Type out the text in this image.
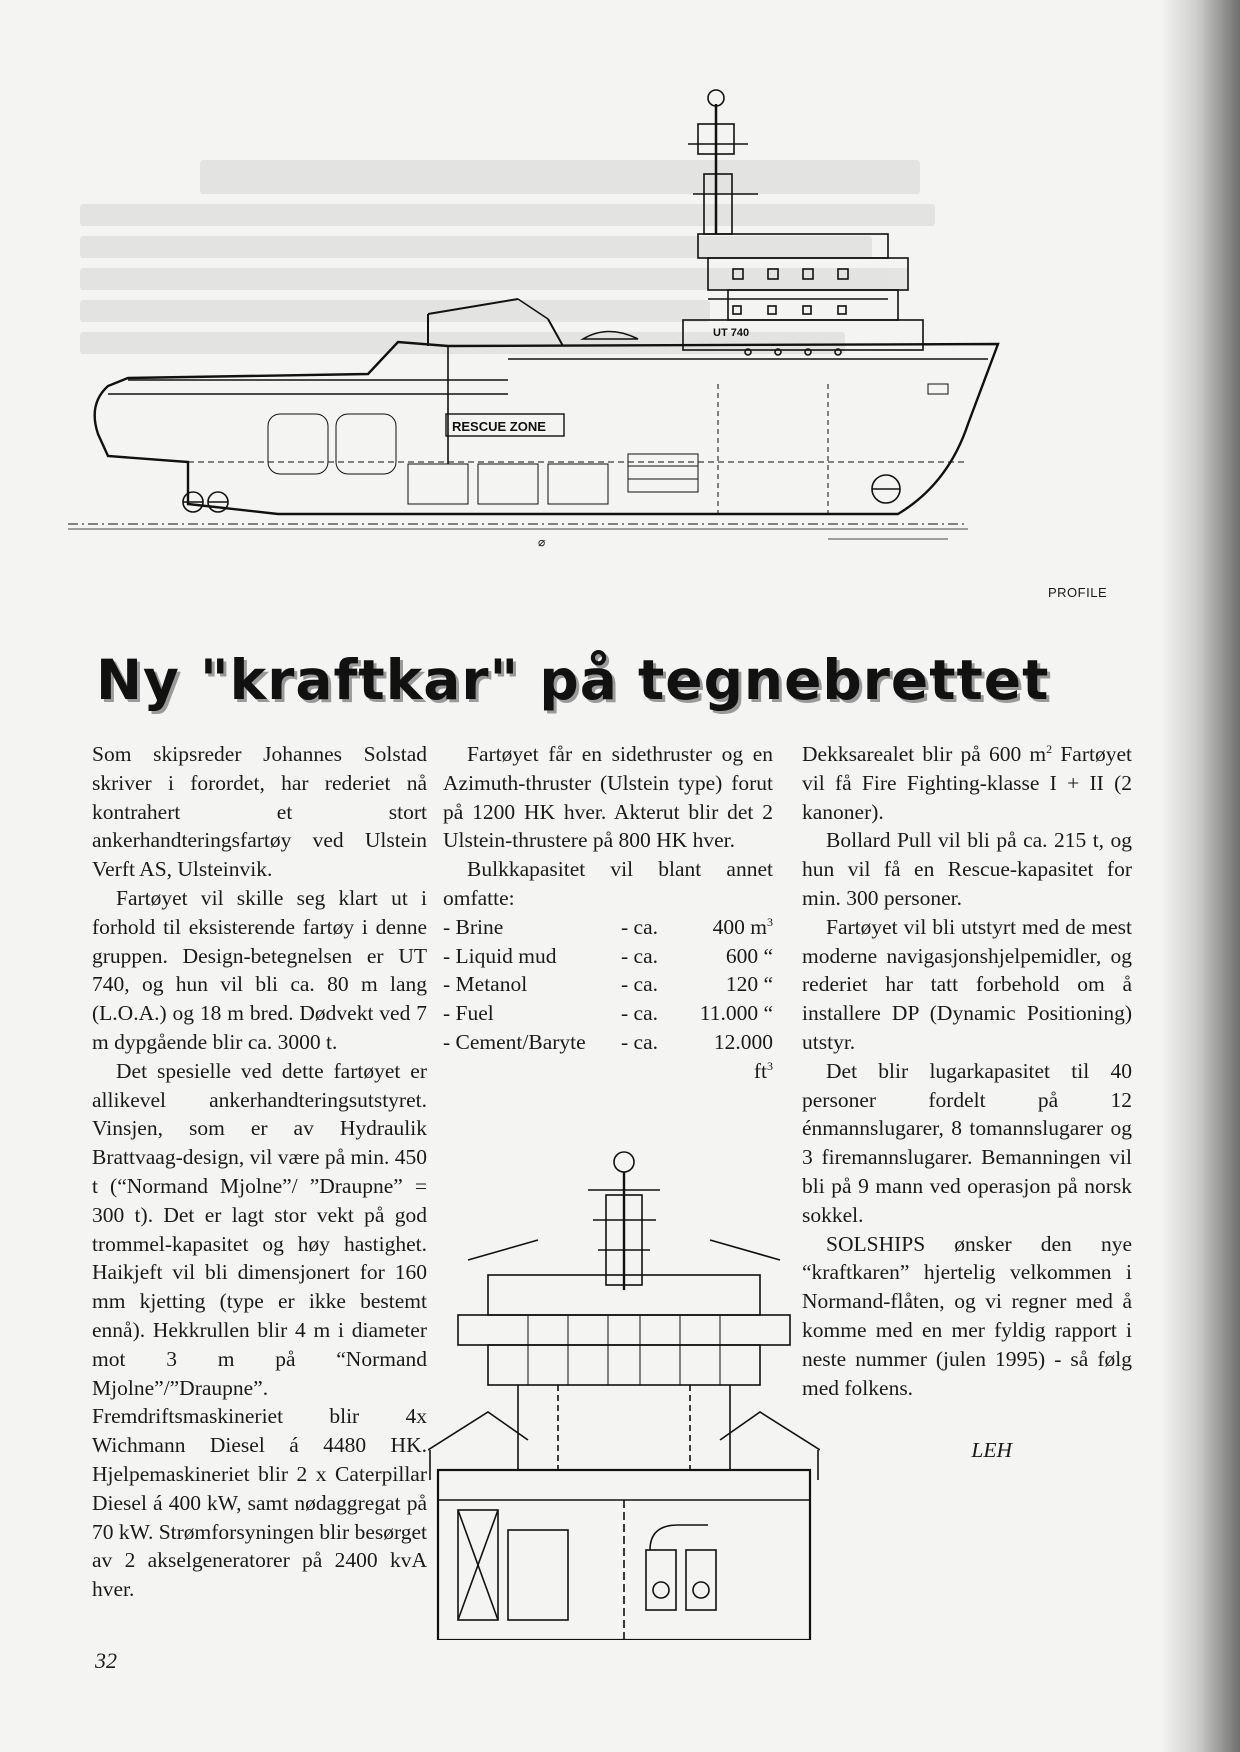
RESCUE ZONE
UT 740
⌀
PROFILE
Ny "kraftkar" på tegnebrettet

Som skipsreder Johannes Solstad skriver i forordet, har rederiet nå kontrahert et stort ankerhandteringsfartøy ved Ulstein Verft AS, Ulsteinvik.

Fartøyet vil skille seg klart ut i forhold til eksisterende fartøy i denne gruppen. Design-betegnelsen er UT 740, og hun vil bli ca. 80 m lang (L.O.A.) og 18 m bred. Dødvekt ved 7 m dypgående blir ca. 3000 t.

Det spesielle ved dette fartøyet er allikevel ankerhandteringsutstyret. Vinsjen, som er av Hydraulik Brattvaag-design, vil være på min. 450 t (“Normand Mjolne”/ ”Draupne” = 300 t). Det er lagt stor vekt på god trommel-kapasitet og høy hastighet. Haikjeft vil bli dimensjonert for 160 mm kjetting (type er ikke bestemt ennå). Hekkrullen blir 4 m i diameter mot 3 m på “Normand Mjolne”/”Draupne”. Fremdriftsmaskineriet blir 4x Wichmann Diesel á 4480 HK. Hjelpemaskineriet blir 2 x Caterpillar Diesel á 400 kW, samt nødaggregat på 70 kW. Strømforsyningen blir besørget av 2 akselgeneratorer på 2400 kvA hver.

Fartøyet får en sidethruster og en Azimuth-thruster (Ulstein type) forut på 1200 HK hver. Akterut blir det 2 Ulstein-thrustere på 800 HK hver.

Bulkkapasitet vil blant annet omfatte:

- Brine	- ca.	400 $m^3$
- Liquid mud	- ca.	600 “
- Metanol	- ca.	120 “
- Fuel	- ca.	11.000 “
- Cement/Baryte	- ca.	12.000 $ft^3$

Dekksarealet blir på 600 $m^2$ Fartøyet vil få Fire Fighting-klasse I + II (2 kanoner).

Bollard Pull vil bli på ca. 215 t, og hun vil få en Rescue-kapasitet for min. 300 personer.

Fartøyet vil bli utstyrt med de mest moderne navigasjonshjelpemidler, og rederiet har tatt forbehold om å installere DP (Dynamic Positioning) utstyr.

Det blir lugarkapasitet til 40 personer fordelt på 12 énmannslugarer, 8 tomannslugarer og 3 firemannslugarer. Bemanningen vil bli på 9 mann ved operasjon på norsk sokkel.

SOLSHIPS ønsker den nye “kraftkaren” hjertelig velkommen i Normand-flåten, og vi regner med å komme med en mer fyldig rapport i neste nummer (julen 1995) - så følg med folkens.

LEH

32
